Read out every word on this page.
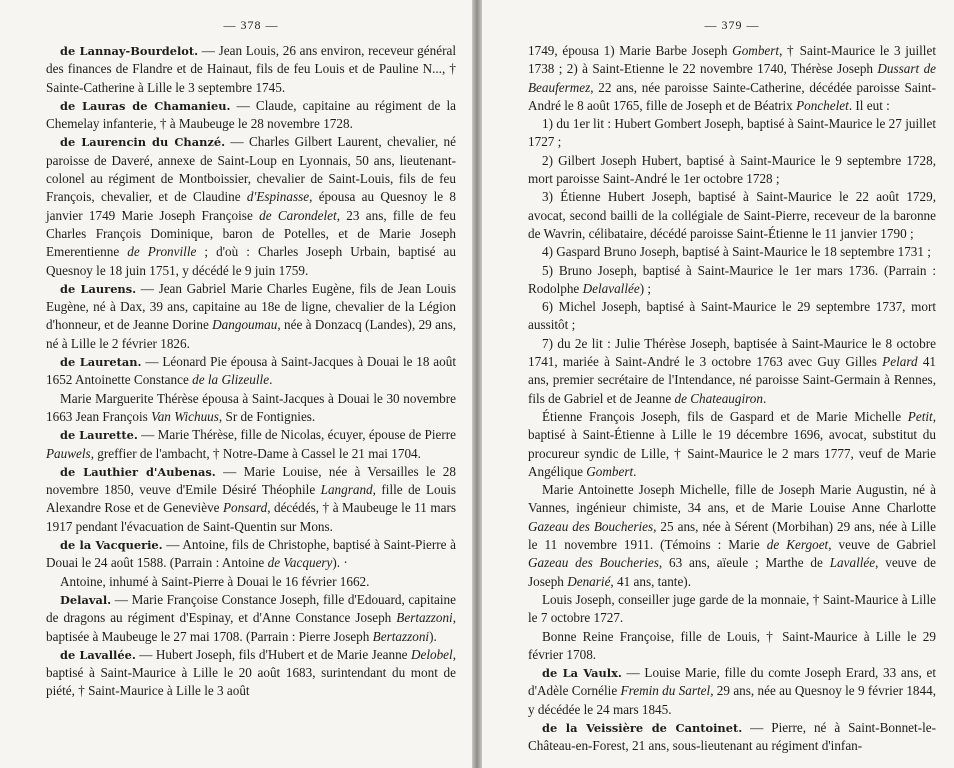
— 378 —

de Lannay-Bourdelot. — Jean Louis, 26 ans environ, receveur général des finances de Flandre et de Hainaut, fils de feu Louis et de Pauline N..., † Sainte-Catherine à Lille le 3 septembre 1745.

de Lauras de Chamanieu. — Claude, capitaine au régiment de la Chemelay infanterie, † à Maubeuge le 28 novembre 1728.

de Laurencin du Chanzé. — Charles Gilbert Laurent, chevalier, né paroisse de Daveré, annexe de Saint-Loup en Lyonnais, 50 ans, lieutenant-colonel au régiment de Montboissier, chevalier de Saint-Louis, fils de feu François, chevalier, et de Claudine d'Espinasse, épousa au Quesnoy le 8 janvier 1749 Marie Joseph Françoise de Carondelet, 23 ans, fille de feu Charles François Dominique, baron de Potelles, et de Marie Joseph Emerentienne de Pronville ; d'où : Charles Joseph Urbain, baptisé au Quesnoy le 18 juin 1751, y décédé le 9 juin 1759.

de Laurens. — Jean Gabriel Marie Charles Eugène, fils de Jean Louis Eugène, né à Dax, 39 ans, capitaine au 18e de ligne, chevalier de la Légion d'honneur, et de Jeanne Dorine Dangoumau, née à Donzacq (Landes), 29 ans, né à Lille le 2 février 1826.

de Lauretan. — Léonard Pie épousa à Saint-Jacques à Douai le 18 août 1652 Antoinette Constance de la Glizeulle.

Marie Marguerite Thérèse épousa à Saint-Jacques à Douai le 30 novembre 1663 Jean François Van Wichuus, Sr de Fontignies.

de Laurette. — Marie Thérèse, fille de Nicolas, écuyer, épouse de Pierre Pauwels, greffier de l'ambacht, † Notre-Dame à Cassel le 21 mai 1704.

de Lauthier d'Aubenas. — Marie Louise, née à Versailles le 28 novembre 1850, veuve d'Emile Désiré Théophile Langrand, fille de Louis Alexandre Rose et de Geneviève Ponsard, décédés, † à Maubeuge le 11 mars 1917 pendant l'évacuation de Saint-Quentin sur Mons.

de la Vacquerie. — Antoine, fils de Christophe, baptisé à Saint-Pierre à Douai le 24 août 1588. (Parrain : Antoine de Vacquery). ·

Antoine, inhumé à Saint-Pierre à Douai le 16 février 1662.

Delaval. — Marie Françoise Constance Joseph, fille d'Edouard, capitaine de dragons au régiment d'Espinay, et d'Anne Constance Joseph Bertazzoni, baptisée à Maubeuge le 27 mai 1708. (Parrain : Pierre Joseph Bertazzoni).

de Lavallée. — Hubert Joseph, fils d'Hubert et de Marie Jeanne Delobel, baptisé à Saint-Maurice à Lille le 20 août 1683, surintendant du mont de piété, † Saint-Maurice à Lille le 3 août

— 379 —

1749, épousa 1) Marie Barbe Joseph Gombert, † Saint-Maurice le 3 juillet 1738 ; 2) à Saint-Etienne le 22 novembre 1740, Thérèse Joseph Dussart de Beaufermez, 22 ans, née paroisse Sainte-Catherine, décédée paroisse Saint-André le 8 août 1765, fille de Joseph et de Béatrix Ponchelet. Il eut :

1) du 1er lit : Hubert Gombert Joseph, baptisé à Saint-Maurice le 27 juillet 1727 ;

2) Gilbert Joseph Hubert, baptisé à Saint-Maurice le 9 septembre 1728, mort paroisse Saint-André le 1er octobre 1728 ;

3) Étienne Hubert Joseph, baptisé à Saint-Maurice le 22 août 1729, avocat, second bailli de la collégiale de Saint-Pierre, receveur de la baronne de Wavrin, célibataire, décédé paroisse Saint-Étienne le 11 janvier 1790 ;

4) Gaspard Bruno Joseph, baptisé à Saint-Maurice le 18 septembre 1731 ;

5) Bruno Joseph, baptisé à Saint-Maurice le 1er mars 1736. (Parrain : Rodolphe Delavallée) ;

6) Michel Joseph, baptisé à Saint-Maurice le 29 septembre 1737, mort aussitôt ;

7) du 2e lit : Julie Thérèse Joseph, baptisée à Saint-Maurice le 8 octobre 1741, mariée à Saint-André le 3 octobre 1763 avec Guy Gilles Pelard 41 ans, premier secrétaire de l'Intendance, né paroisse Saint-Germain à Rennes, fils de Gabriel et de Jeanne de Chateaugiron.

Étienne François Joseph, fils de Gaspard et de Marie Michelle Petit, baptisé à Saint-Étienne à Lille le 19 décembre 1696, avocat, substitut du procureur syndic de Lille, † Saint-Maurice le 2 mars 1777, veuf de Marie Angélique Gombert.

Marie Antoinette Joseph Michelle, fille de Joseph Marie Augustin, né à Vannes, ingénieur chimiste, 34 ans, et de Marie Louise Anne Charlotte Gazeau des Boucheries, 25 ans, née à Sérent (Morbihan) 29 ans, née à Lille le 11 novembre 1911. (Témoins : Marie de Kergoet, veuve de Gabriel Gazeau des Boucheries, 63 ans, aïeule ; Marthe de Lavallée, veuve de Joseph Denarié, 41 ans, tante).

Louis Joseph, conseiller juge garde de la monnaie, † Saint-Maurice à Lille le 7 octobre 1727.

Bonne Reine Françoise, fille de Louis, † Saint-Maurice à Lille le 29 février 1708.

de La Vaulx. — Louise Marie, fille du comte Joseph Erard, 33 ans, et d'Adèle Cornélie Fremin du Sartel, 29 ans, née au Quesnoy le 9 février 1844, y décédée le 24 mars 1845.

de la Veissière de Cantoinet. — Pierre, né à Saint-Bonnet-le-Château-en-Forest, 21 ans, sous-lieutenant au régiment d'infan-
